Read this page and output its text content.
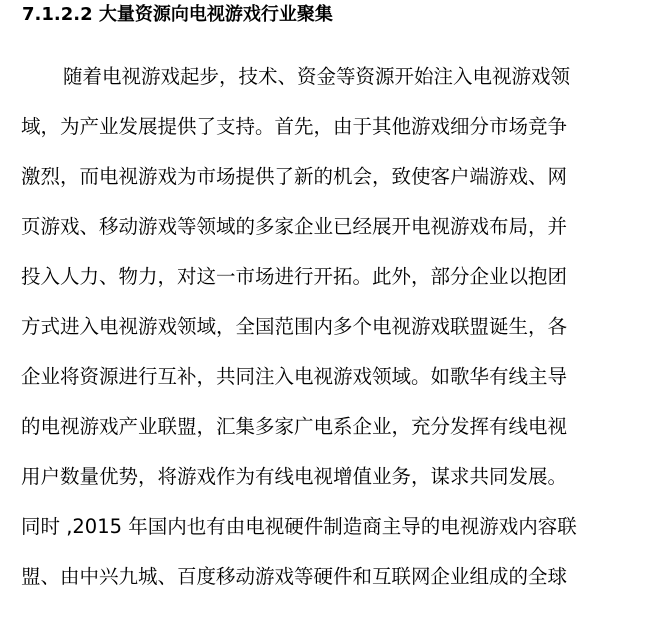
7.1.2.2 大量资源向电视游戏行业聚集
随着电视游戏起步，技术、资金等资源开始注入电视游戏领
域，为产业发展提供了支持。首先，由于其他游戏细分市场竞争
激烈，而电视游戏为市场提供了新的机会，致使客户端游戏、网
页游戏、移动游戏等领域的多家企业已经展开电视游戏布局，并
投入人力、物力，对这一市场进行开拓。此外，部分企业以抱团
方式进入电视游戏领域，全国范围内多个电视游戏联盟诞生，各
企业将资源进行互补，共同注入电视游戏领域。如歌华有线主导
的电视游戏产业联盟，汇集多家广电系企业，充分发挥有线电视
用户数量优势，将游戏作为有线电视增值业务，谋求共同发展。
同时 ,2015 年国内也有由电视硬件制造商主导的电视游戏内容联
盟、由中兴九城、百度移动游戏等硬件和互联网企业组成的全球
